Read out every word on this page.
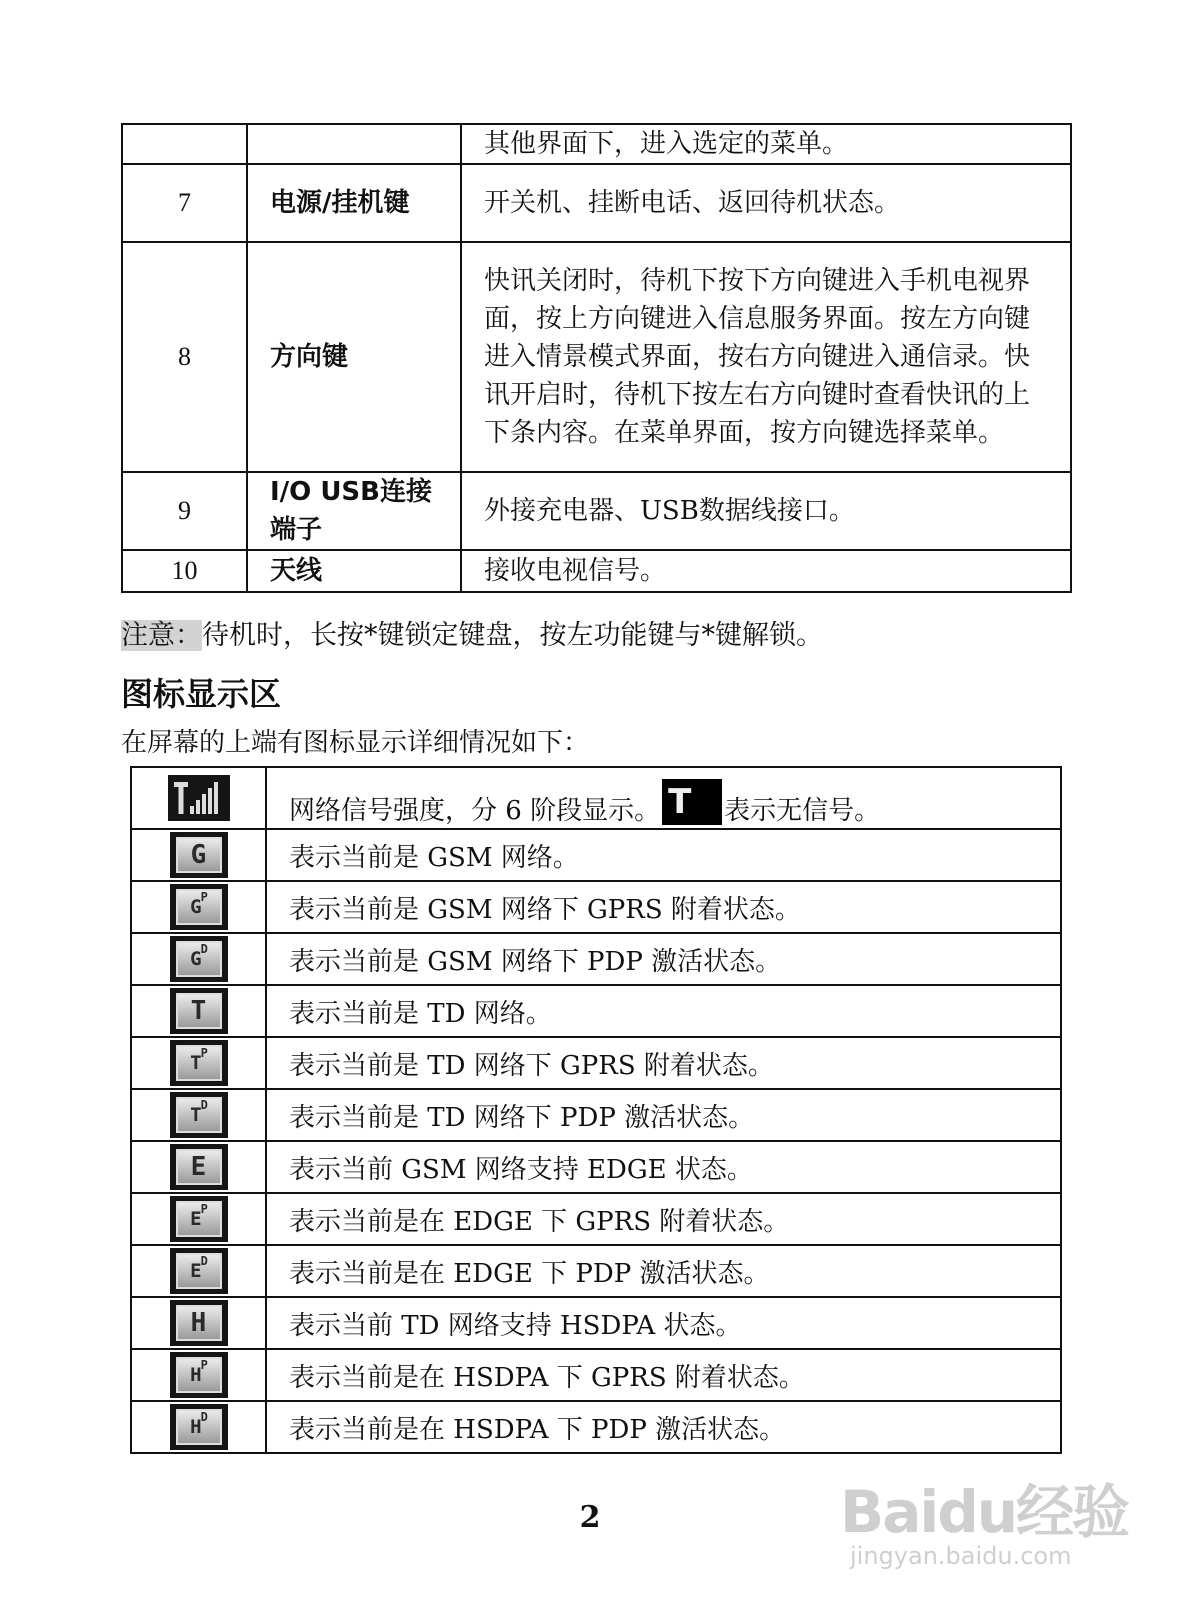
		其他界面下，进入选定的菜单。
7	电源/挂机键	开关机、挂断电话、返回待机状态。
8	方向键	快讯关闭时，待机下按下方向键进入手机电视界面，按上方向键进入信息服务界面。按左方向键进入情景模式界面，按右方向键进入通信录。快讯开启时，待机下按左右方向键时查看快讯的上下条内容。在菜单界面，按方向键选择菜单。
9	I/O USB连接端子	外接充电器、USB数据线接口。
10	天线	接收电视信号。
注意：待机时，长按*键锁定键盘，按左功能键与*键解锁。
图标显示区
在屏幕的上端有图标显示详细情况如下：
	网络信号强度，分 6 阶段显示。 T 表示无信号。

G	表示当前是 GSM 网络。

$G^P$	表示当前是 GSM 网络下 GPRS 附着状态。

$G^D$	表示当前是 GSM 网络下 PDP 激活状态。

T	表示当前是 TD 网络。

$T^P$	表示当前是 TD 网络下 GPRS 附着状态。

$T^D$	表示当前是 TD 网络下 PDP 激活状态。

E	表示当前 GSM 网络支持 EDGE 状态。

$E^P$	表示当前是在 EDGE 下 GPRS 附着状态。

$E^D$	表示当前是在 EDGE 下 PDP 激活状态。

H	表示当前 TD 网络支持 HSDPA 状态。

$H^P$	表示当前是在 HSDPA 下 GPRS 附着状态。

$H^D$	表示当前是在 HSDPA 下 PDP 激活状态。
2	Baidu经验
jingyan.baidu.com
